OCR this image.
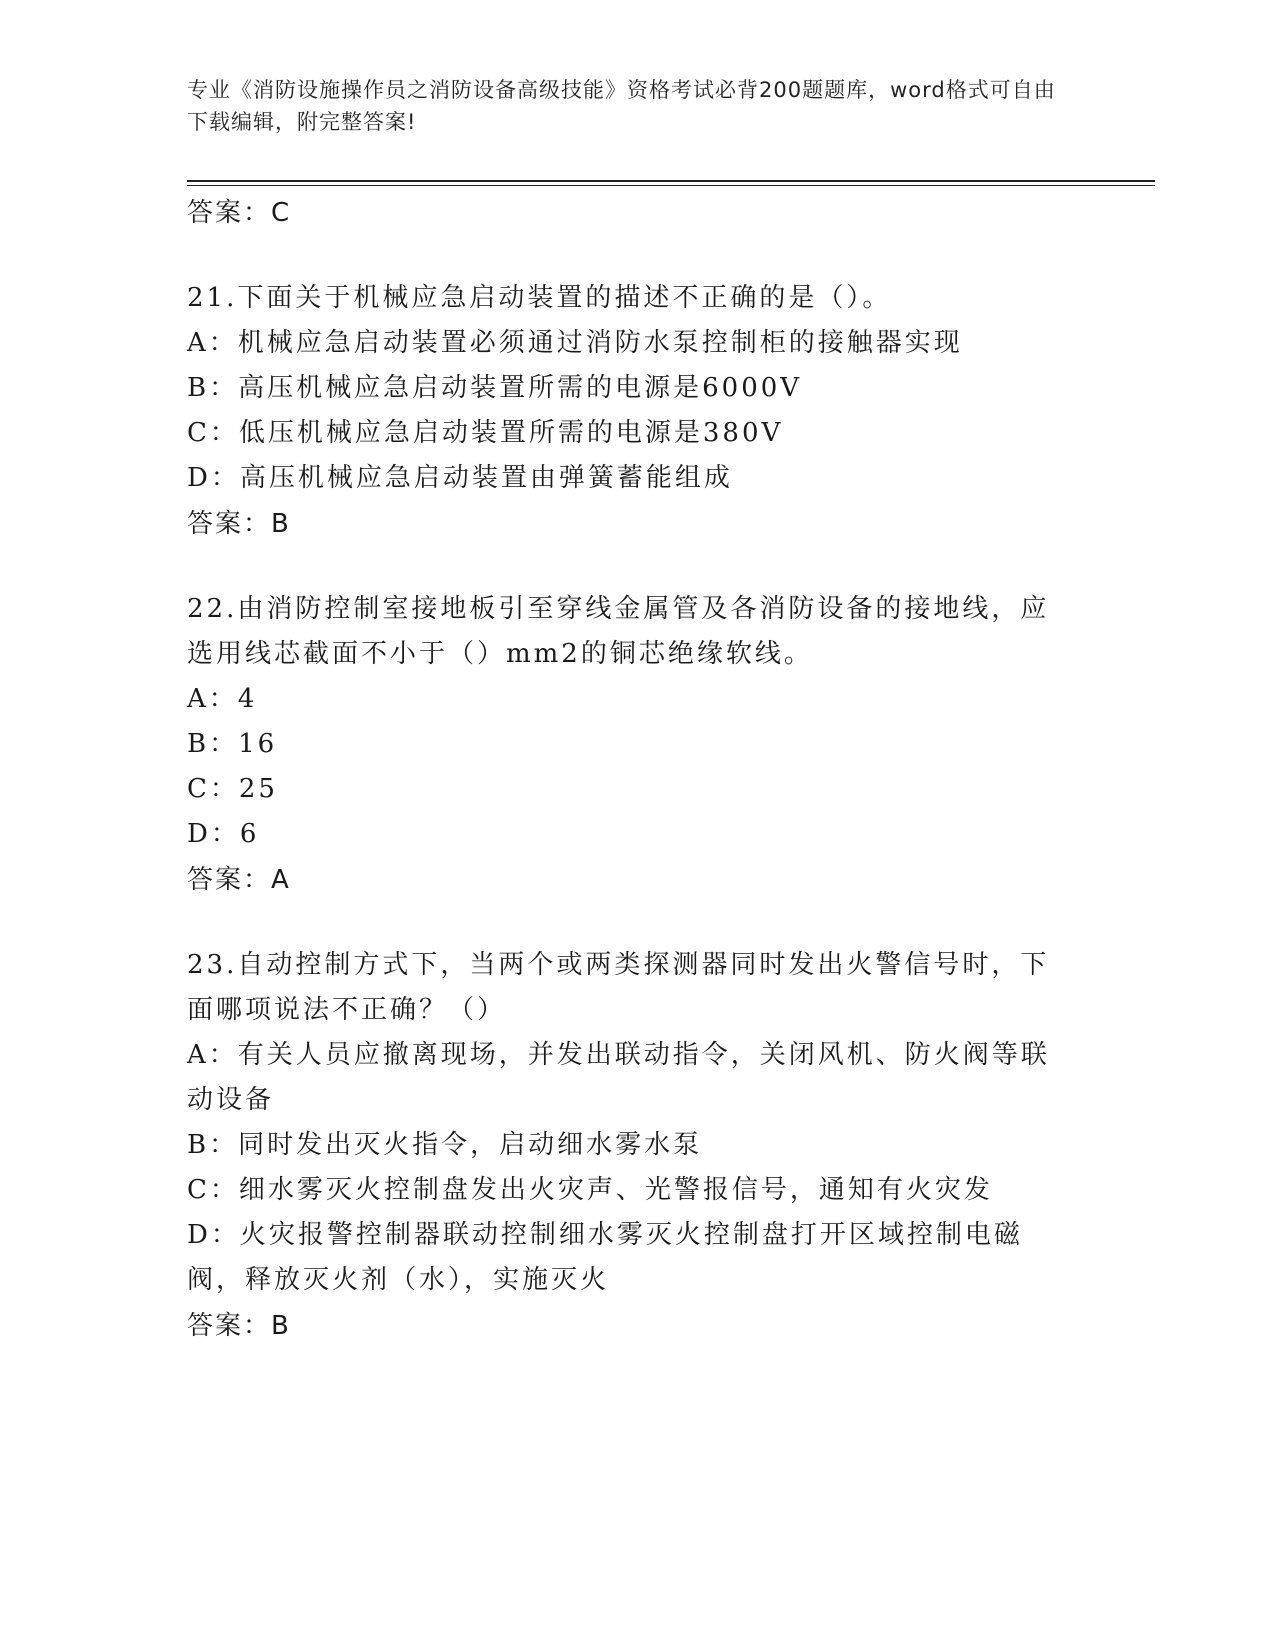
专业《消防设施操作员之消防设备高级技能》资格考试必背200题题库，word格式可自由下载编辑，附完整答案!
答案：C
21.下面关于机械应急启动装置的描述不正确的是（）。
A：机械应急启动装置必须通过消防水泵控制柜的接触器实现
B：高压机械应急启动装置所需的电源是6000V
C：低压机械应急启动装置所需的电源是380V
D：高压机械应急启动装置由弹簧蓄能组成
答案：B
22.由消防控制室接地板引至穿线金属管及各消防设备的接地线，应选用线芯截面不小于（）mm2的铜芯绝缘软线。
A：4
B：16
C：25
D：6
答案：A
23.自动控制方式下，当两个或两类探测器同时发出火警信号时，下面哪项说法不正确？（）
A：有关人员应撤离现场，并发出联动指令，关闭风机、防火阀等联动设备
B：同时发出灭火指令，启动细水雾水泵
C：细水雾灭火控制盘发出火灾声、光警报信号，通知有火灾发
D：火灾报警控制器联动控制细水雾灭火控制盘打开区域控制电磁阀，释放灭火剂（水），实施灭火
答案：B
